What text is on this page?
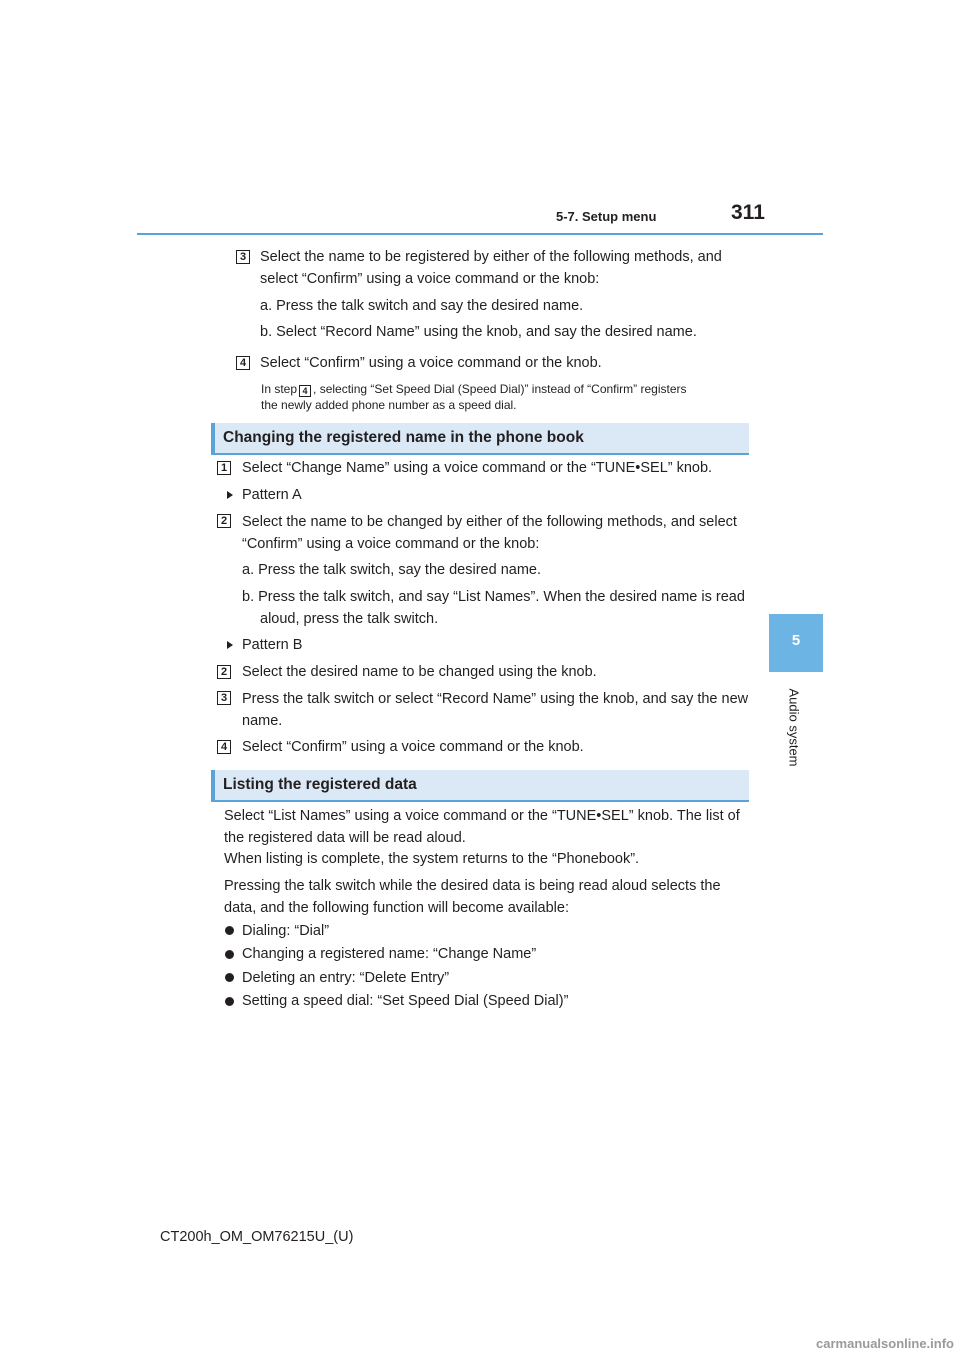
5-7. Setup menu	311
5
Audio system
3 Select the name to be registered by either of the following methods, and
select “Confirm” using a voice command or the knob:
a. Press the talk switch and say the desired name.
b. Select “Record Name” using the knob, and say the desired name.
4 Select “Confirm” using a voice command or the knob.
In step 4 , selecting “Set Speed Dial (Speed Dial)” instead of “Confirm” registers
the newly added phone number as a speed dial.
Changing the registered name in the phone book
1 Select “Change Name” using a voice command or the “TUNE•SEL” knob.
Pattern A
2 Select the name to be changed by either of the following methods, and select
“Confirm” using a voice command or the knob:
a. Press the talk switch, say the desired name.
b. Press the talk switch, and say “List Names”. When the desired name is read
aloud, press the talk switch.
Pattern B
2 Select the desired name to be changed using the knob.
3 Press the talk switch or select “Record Name” using the knob, and say the new
name.
4 Select “Confirm” using a voice command or the knob.
Listing the registered data
Select “List Names” using a voice command or the “TUNE•SEL” knob. The list of
the registered data will be read aloud.
When listing is complete, the system returns to the “Phonebook”.
Pressing the talk switch while the desired data is being read aloud selects the
data, and the following function will become available:
Dialing: “Dial”
Changing a registered name: “Change Name”
Deleting an entry: “Delete Entry”
Setting a speed dial: “Set Speed Dial (Speed Dial)”
CT200h_OM_OM76215U_(U)
carmanualsonline.info
